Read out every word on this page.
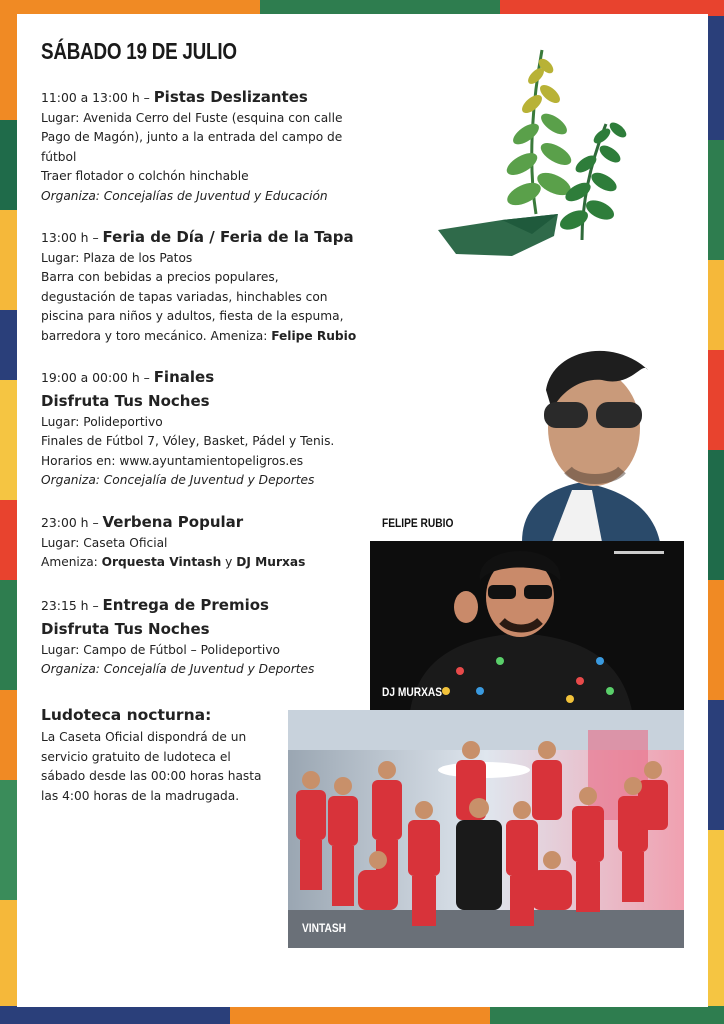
SÁBADO 19 DE JULIO
11:00 a 13:00 h – Pistas Deslizantes
Lugar: Avenida Cerro del Fuste (esquina con calle
Pago de Magón), junto a la entrada del campo de
fútbol
Traer flotador o colchón hinchable
Organiza: Concejalías de Juventud y Educación
13:00 h – Feria de Día / Feria de la Tapa
Lugar: Plaza de los Patos
Barra con bebidas a precios populares,
degustación de tapas variadas, hinchables con
piscina para niños y adultos, fiesta de la espuma,
barredora y toro mecánico. Ameniza: Felipe Rubio
19:00 a 00:00 h – Finales
Disfruta Tus Noches
Lugar: Polideportivo
Finales de Fútbol 7, Vóley, Basket, Pádel y Tenis.
Horarios en: www.ayuntamientopeligros.es
Organiza: Concejalía de Juventud y Deportes
23:00 h – Verbena Popular
Lugar: Caseta Oficial
Ameniza: Orquesta Vintash y DJ Murxas
23:15 h – Entrega de Premios
Disfruta Tus Noches
Lugar: Campo de Fútbol – Polideportivo
Organiza: Concejalía de Juventud y Deportes
Ludoteca nocturna:
La Caseta Oficial dispondrá de un
servicio gratuito de ludoteca el
sábado desde las 00:00 horas hasta
las 4:00 horas de la madrugada.
FELIPE RUBIO
DJ MURXAS
VINTASH
